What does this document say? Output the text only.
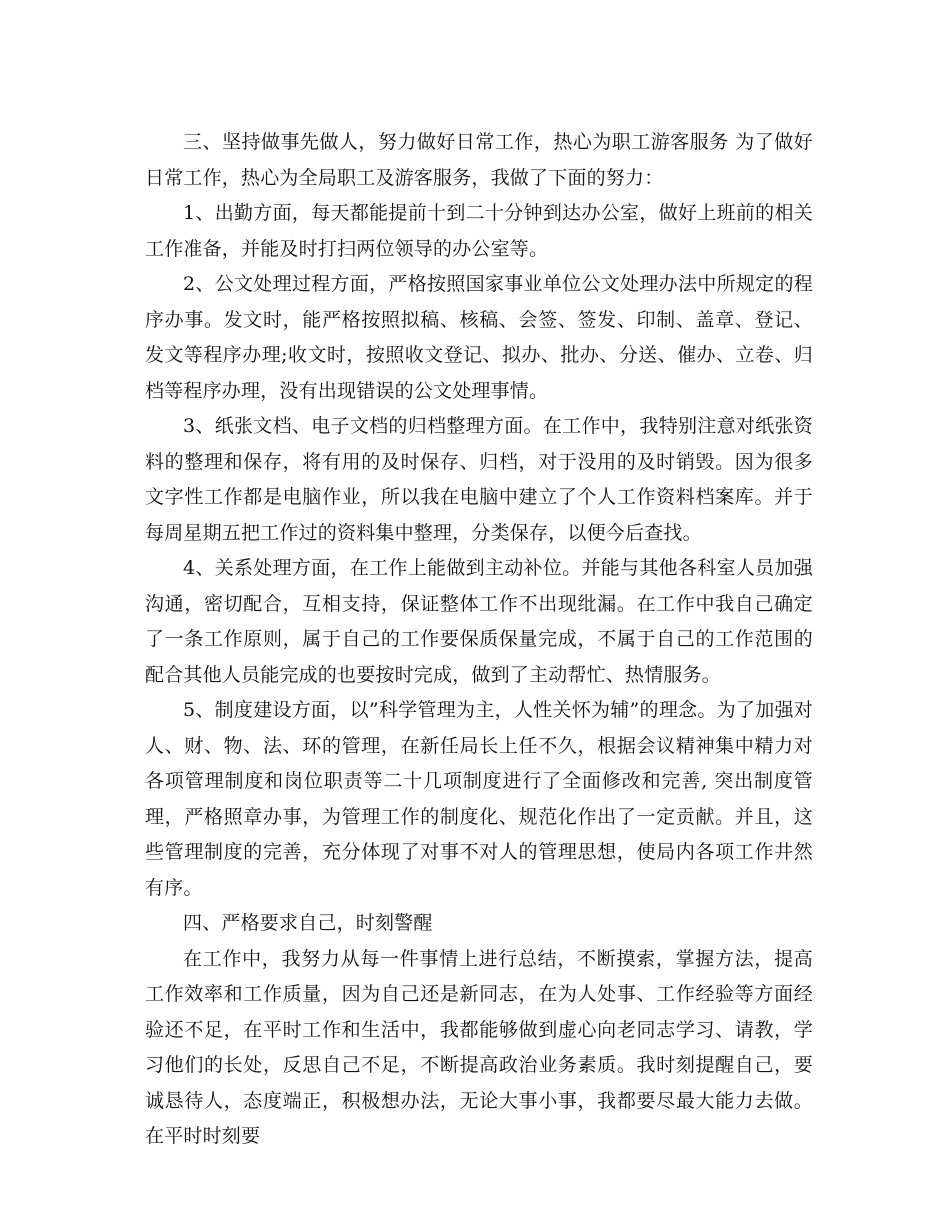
三、坚持做事先做人，努力做好日常工作，热心为职工游客服务 为了做好日常工作，热心为全局职工及游客服务，我做了下面的努力：

1、出勤方面，每天都能提前十到二十分钟到达办公室，做好上班前的相关工作准备，并能及时打扫两位领导的办公室等。

2、公文处理过程方面，严格按照国家事业单位公文处理办法中所规定的程序办事。发文时，能严格按照拟稿、核稿、会签、签发、印制、盖章、登记、发文等程序办理;收文时，按照收文登记、拟办、批办、分送、催办、立卷、归档等程序办理，没有出现错误的公文处理事情。

3、纸张文档、电子文档的归档整理方面。在工作中，我特别注意对纸张资料的整理和保存，将有用的及时保存、归档，对于没用的及时销毁。因为很多文字性工作都是电脑作业，所以我在电脑中建立了个人工作资料档案库。并于每周星期五把工作过的资料集中整理，分类保存，以便今后查找。

4、关系处理方面，在工作上能做到主动补位。并能与其他各科室人员加强沟通，密切配合，互相支持，保证整体工作不出现纰漏。在工作中我自己确定了一条工作原则，属于自己的工作要保质保量完成，不属于自己的工作范围的配合其他人员能完成的也要按时完成，做到了主动帮忙、热情服务。

5、制度建设方面，以”科学管理为主，人性关怀为辅”的理念。为了加强对人、财、物、法、环的管理，在新任局长上任不久，根据会议精神集中精力对各项管理制度和岗位职责等二十几项制度进行了全面修改和完善, 突出制度管理，严格照章办事，为管理工作的制度化、规范化作出了一定贡献。并且，这些管理制度的完善，充分体现了对事不对人的管理思想，使局内各项工作井然有序。

四、严格要求自己，时刻警醒

在工作中，我努力从每一件事情上进行总结，不断摸索，掌握方法，提高工作效率和工作质量，因为自己还是新同志，在为人处事、工作经验等方面经验还不足，在平时工作和生活中，我都能够做到虚心向老同志学习、请教，学习他们的长处，反思自己不足，不断提高政治业务素质。我时刻提醒自己，要诚恳待人，态度端正，积极想办法，无论大事小事，我都要尽最大能力去做。在平时时刻要
